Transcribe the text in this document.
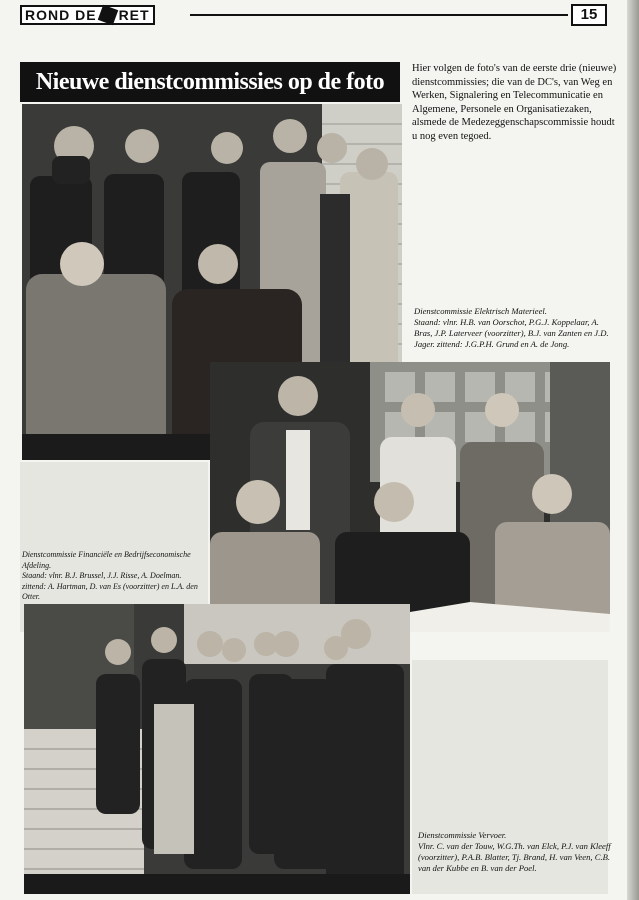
ROND DE RET	15
Nieuwe dienstcommissies op de foto
Hier volgen de foto's van de eerste drie (nieuwe) dienstcommissies; die van de DC's, van Weg en Werken, Signalering en Telecommunicatie en Algemene, Personele en Organisatiezaken, alsmede de Medezeggenschapscommissie houdt u nog even tegoed.
Dienstcommissie Elektrisch Materieel.
Staand: vlnr. H.B. van Oorschot, P.G.J. Koppelaar, A. Bras, J.P. Laterveer (voorzitter), B.J. van Zanten en J.D. Jager. zittend: J.G.P.H. Grund en A. de Jong.
Dienstcommissie Financiële en Bedrijfseconomische Afdeling.
Staand: vlnr. B.J. Brussel, J.J. Risse, A. Doelman. zittend: A. Hartman, D. van Es (voorzitter) en L.A. den Otter.
Dienstcommissie Vervoer.
Vlnr. C. van der Touw, W.G.Th. van Elck, P.J. van Kleeff (voorzitter), P.A.B. Blatter, Tj. Brand, H. van Veen, C.B. van der Kubbe en B. van der Poel.
